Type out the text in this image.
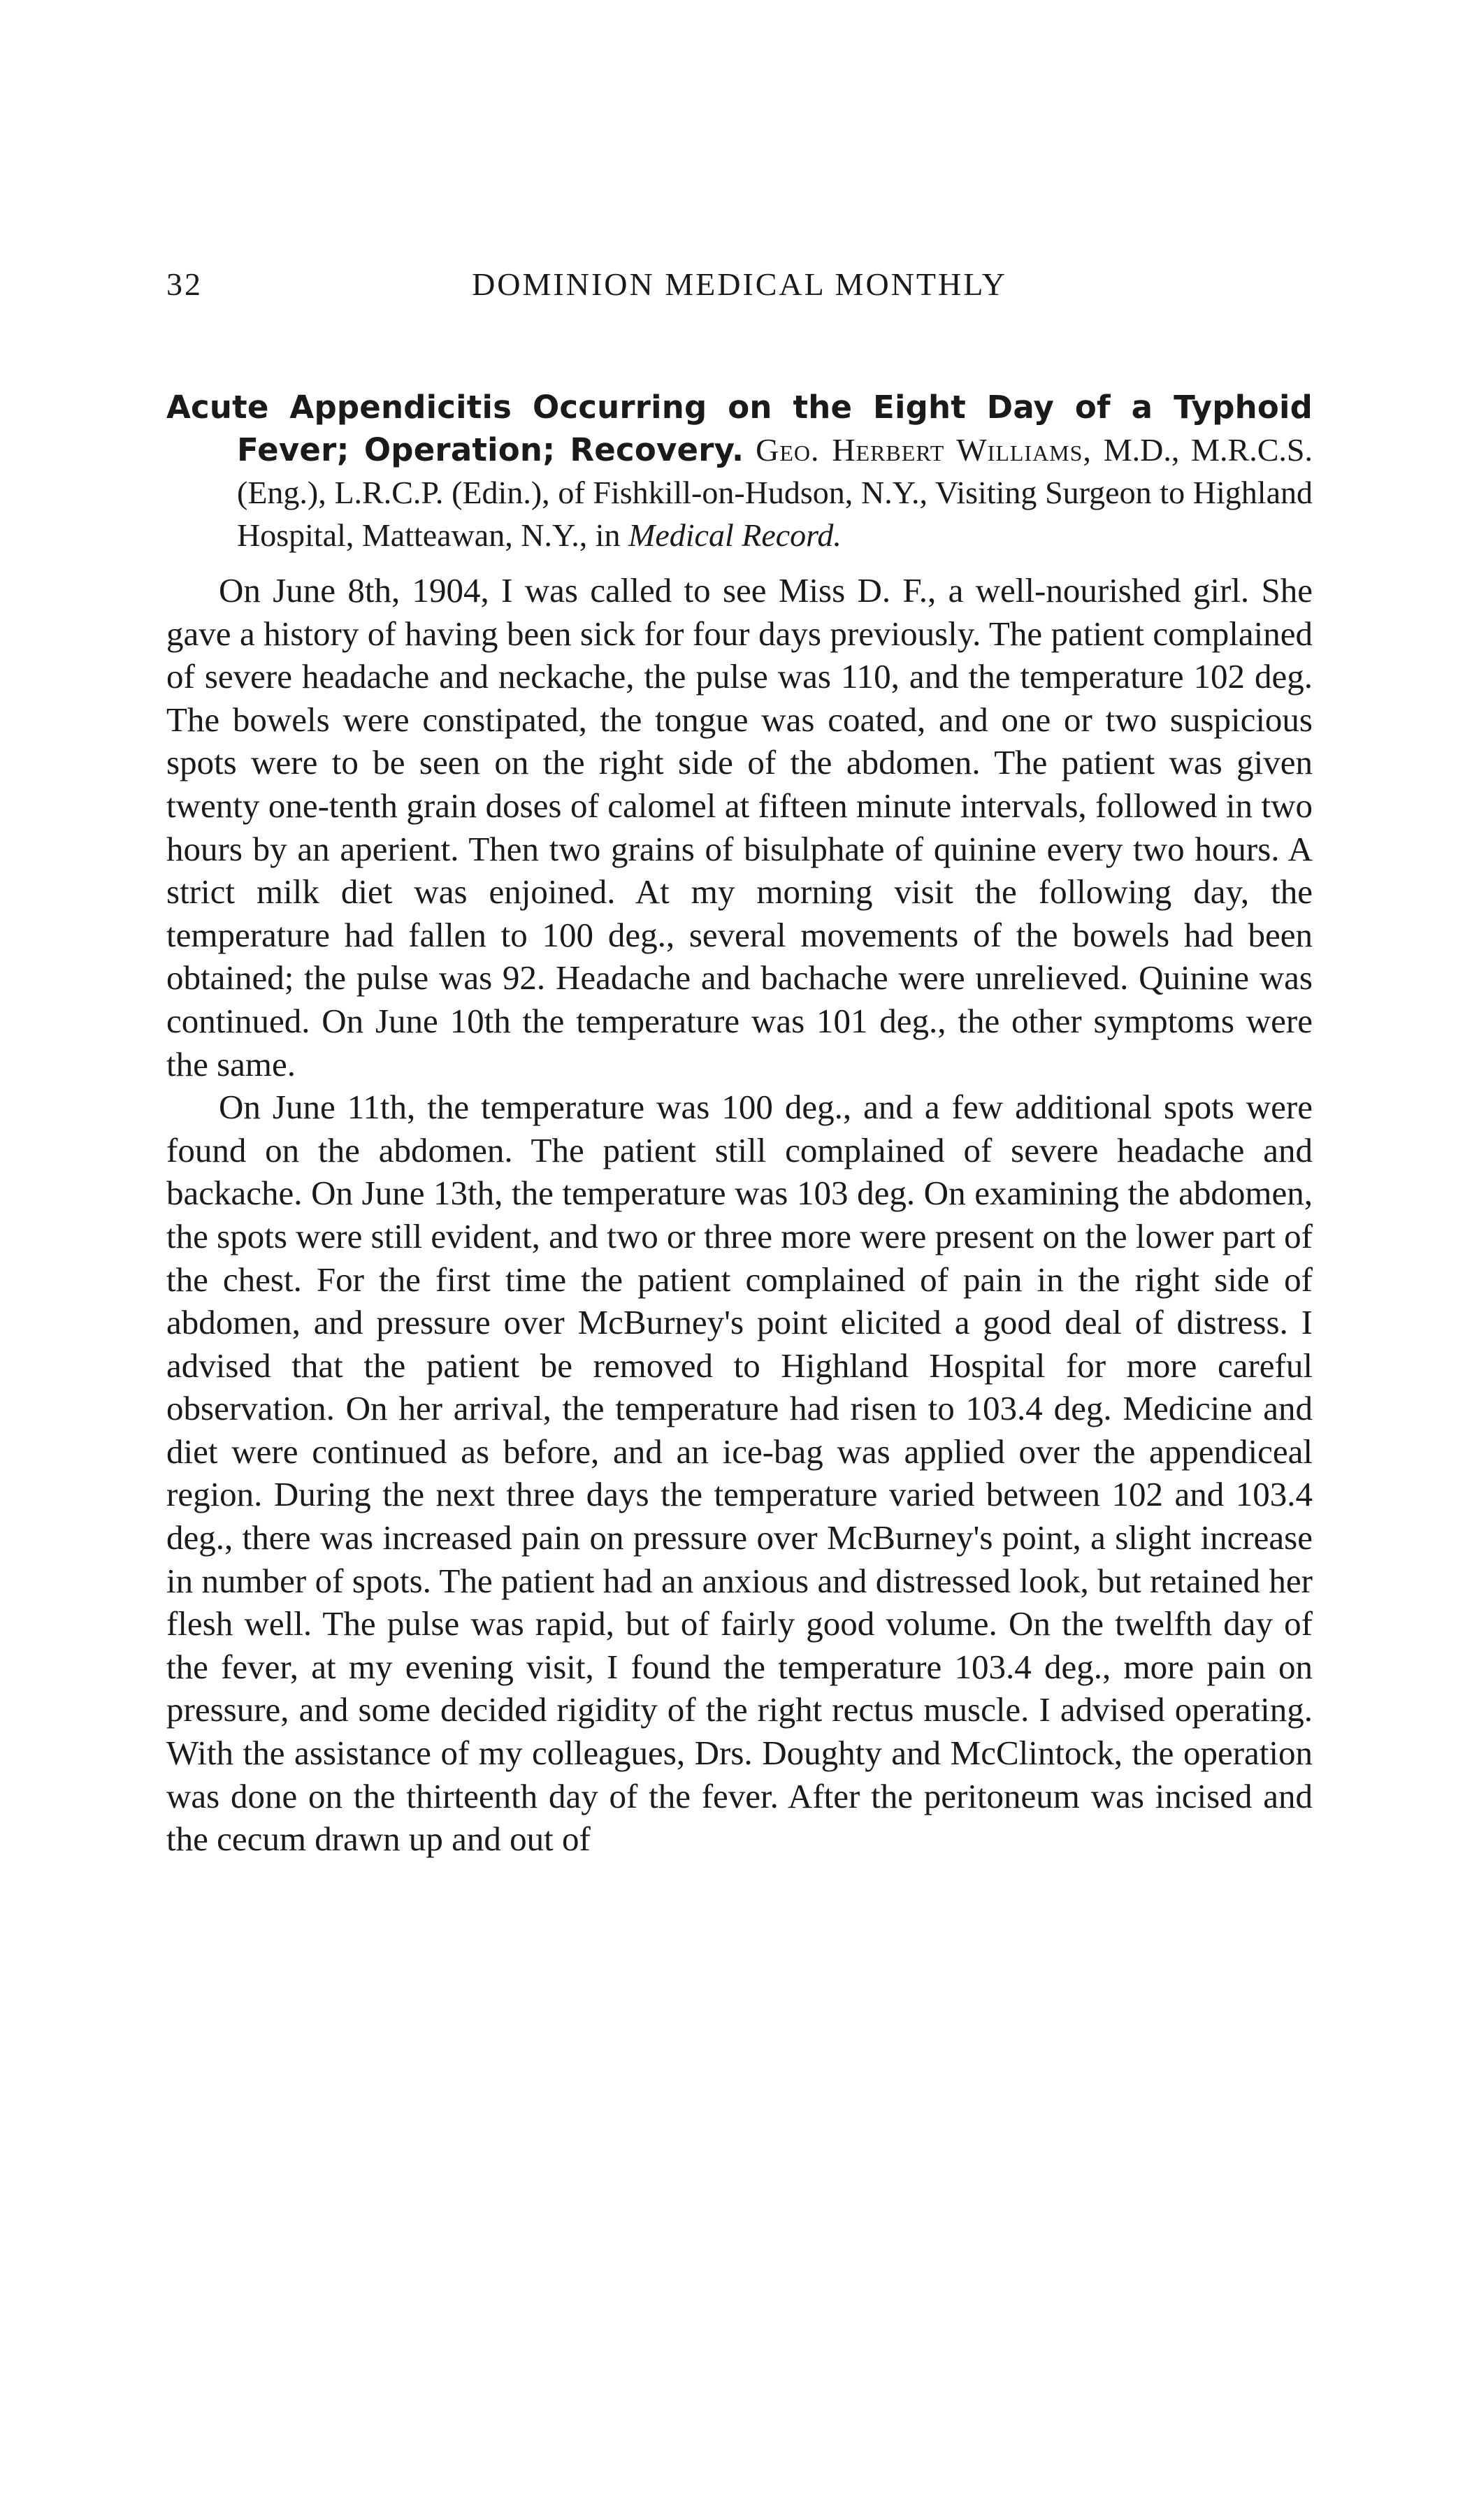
32	DOMINION MEDICAL MONTHLY
Acute Appendicitis Occurring on the Eight Day of a Typhoid Fever; Operation; Recovery. Geo. Herbert Williams, M.D., M.R.C.S. (Eng.), L.R.C.P. (Edin.), of Fishkill-on-Hudson, N.Y., Visiting Surgeon to Highland Hospital, Matteawan, N.Y., in Medical Record.

On June 8th, 1904, I was called to see Miss D. F., a well-nourished girl. She gave a history of having been sick for four days previously. The patient complained of severe headache and neckache, the pulse was 110, and the temperature 102 deg. The bowels were constipated, the tongue was coated, and one or two suspicious spots were to be seen on the right side of the abdomen. The patient was given twenty one-tenth grain doses of calomel at fifteen minute intervals, followed in two hours by an aperient. Then two grains of bisulphate of quinine every two hours. A strict milk diet was enjoined. At my morning visit the following day, the temperature had fallen to 100 deg., several movements of the bowels had been obtained; the pulse was 92. Headache and bachache were unrelieved. Quinine was continued. On June 10th the temperature was 101 deg., the other symptoms were the same.

On June 11th, the temperature was 100 deg., and a few additional spots were found on the abdomen. The patient still complained of severe headache and backache. On June 13th, the temperature was 103 deg. On examining the abdomen, the spots were still evident, and two or three more were present on the lower part of the chest. For the first time the patient complained of pain in the right side of abdomen, and pressure over McBurney's point elicited a good deal of distress. I advised that the patient be removed to Highland Hospital for more careful observation. On her arrival, the temperature had risen to 103.4 deg. Medicine and diet were continued as before, and an ice-bag was applied over the appendiceal region. During the next three days the temperature varied between 102 and 103.4 deg., there was increased pain on pressure over McBurney's point, a slight increase in number of spots. The patient had an anxious and distressed look, but retained her flesh well. The pulse was rapid, but of fairly good volume. On the twelfth day of the fever, at my evening visit, I found the temperature 103.4 deg., more pain on pressure, and some decided rigidity of the right rectus muscle. I advised operating. With the assistance of my colleagues, Drs. Doughty and McClintock, the operation was done on the thirteenth day of the fever. After the peritoneum was incised and the cecum drawn up and out of
